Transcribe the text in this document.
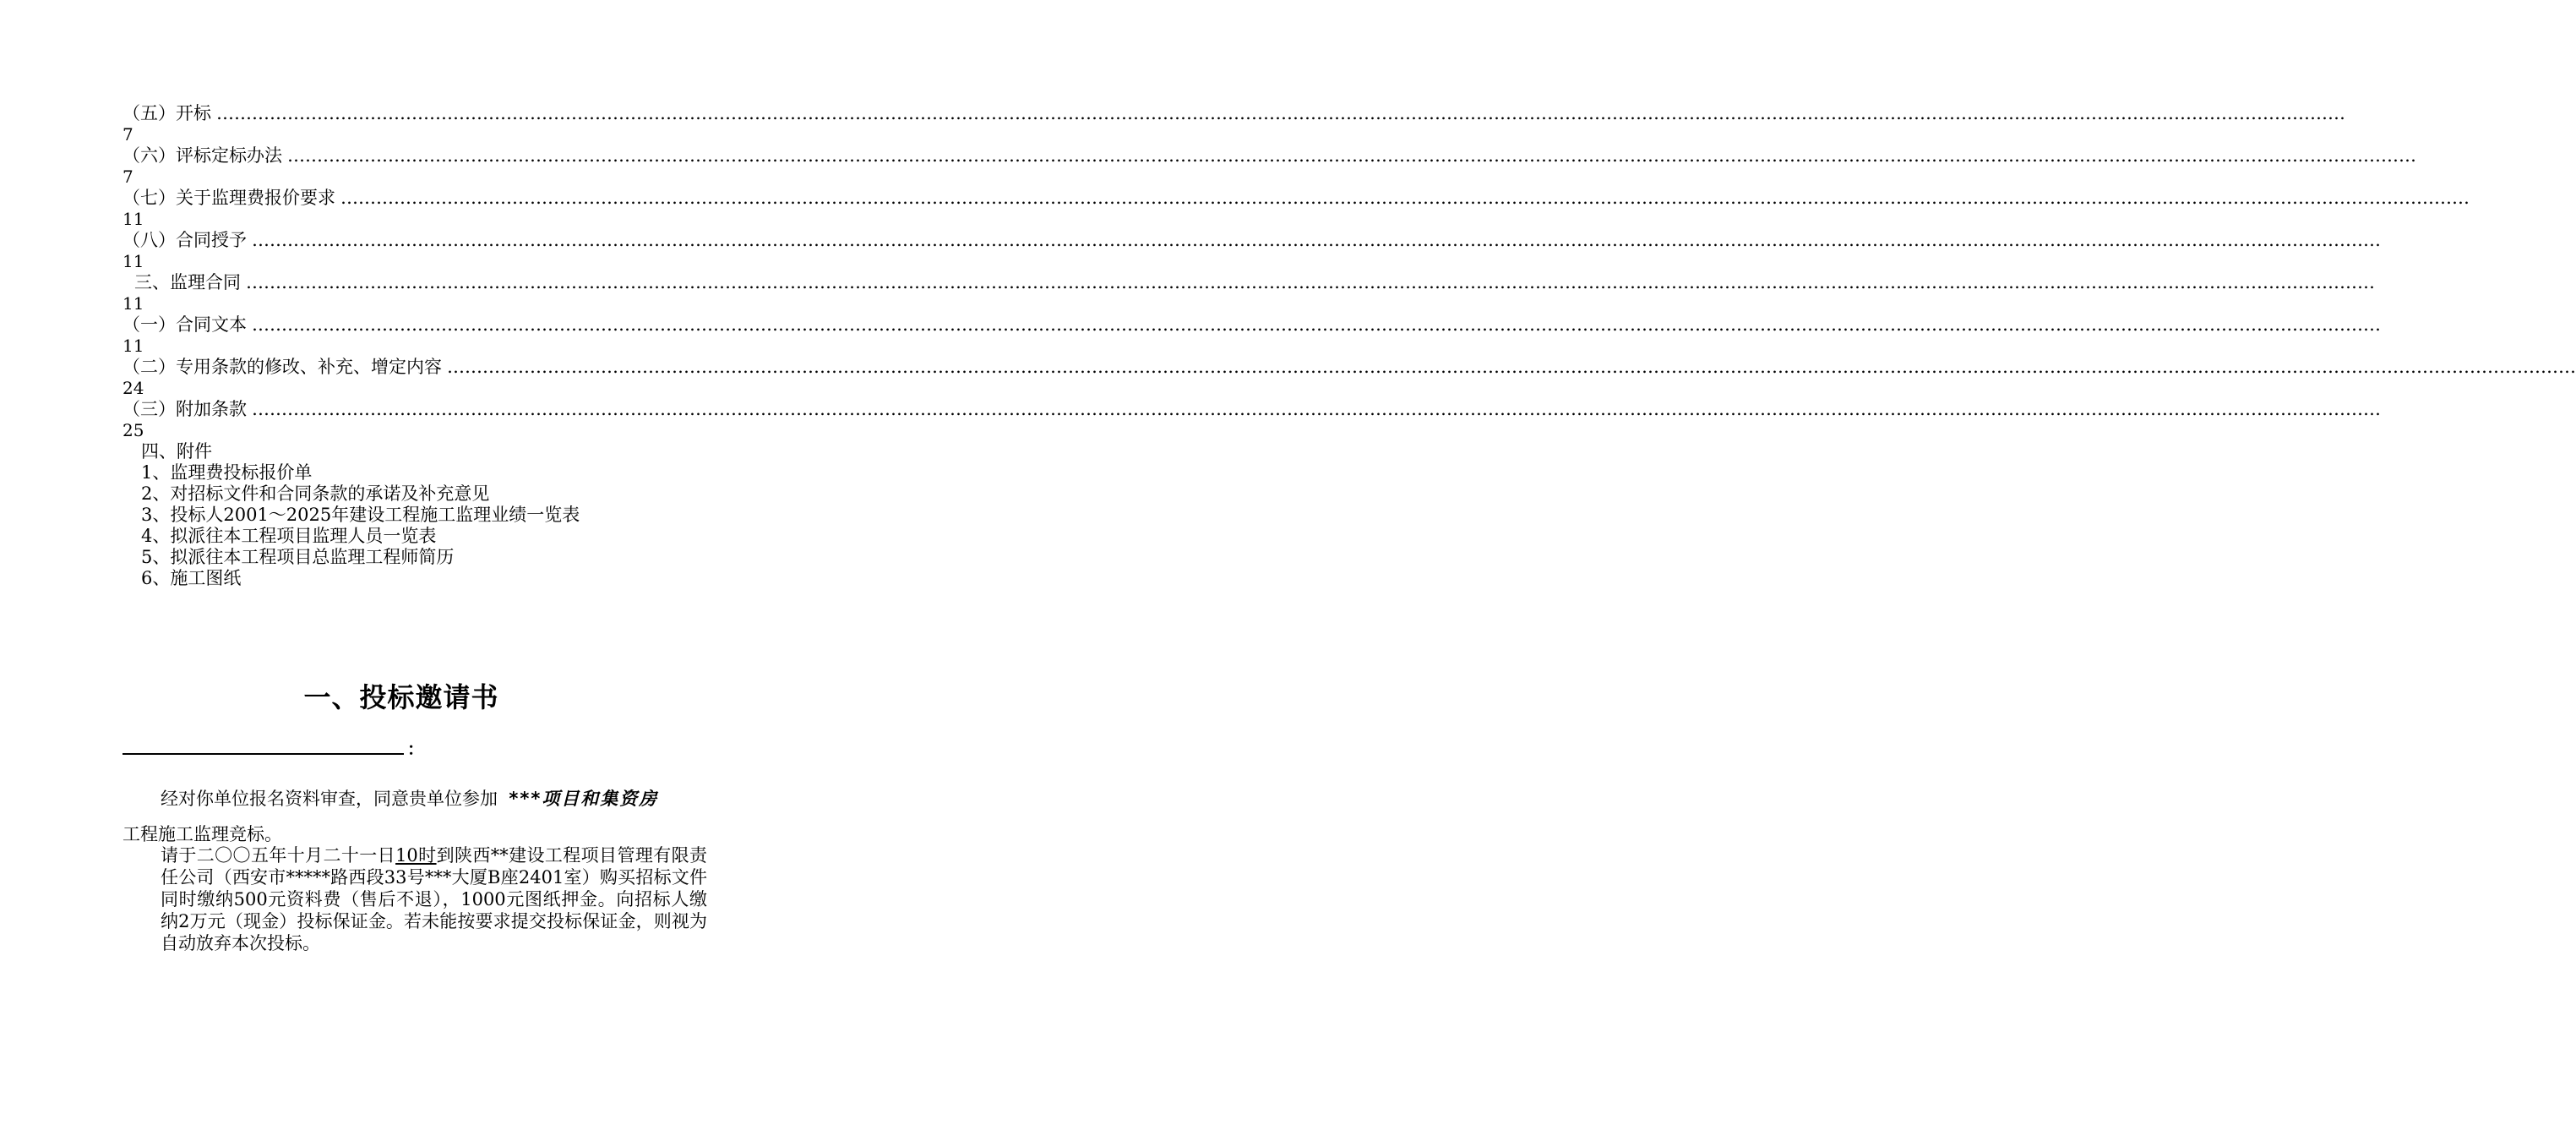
（五）开标 ………………………………………………………………………………………………………………………………………………………………………………………………………………………………………………………………………………………………………………………………
7
（六）评标定标办法 ………………………………………………………………………………………………………………………………………………………………………………………………………………………………………………………………………………………………………………………………
7
（七）关于监理费报价要求 ………………………………………………………………………………………………………………………………………………………………………………………………………………………………………………………………………………………………………………………………
11
（八）合同授予 ………………………………………………………………………………………………………………………………………………………………………………………………………………………………………………………………………………………………………………………………
11
三、监理合同 ………………………………………………………………………………………………………………………………………………………………………………………………………………………………………………………………………………………………………………………………
11
（一）合同文本 ………………………………………………………………………………………………………………………………………………………………………………………………………………………………………………………………………………………………………………………………
11
（二）专用条款的修改、补充、增定内容 ………………………………………………………………………………………………………………………………………………………………………………………………………………………………………………………………………………………………………………………………
24
（三）附加条款 ………………………………………………………………………………………………………………………………………………………………………………………………………………………………………………………………………………………………………………………………
25
四、附件
1、监理费投标报价单
2、对招标文件和合同条款的承诺及补充意见
3、投标人2001～2025年建设工程施工监理业绩一览表
4、拟派往本工程项目监理人员一览表
5、拟派往本工程项目总监理工程师简历
6、施工图纸
一、投标邀请书
：
经对你单位报名资料审查，同意贵单位参加 ***项目和集资房
工程施工监理竞标。
请于二〇〇五年十月二十一日10时到陕西**建设工程项目管理有限责任公司（西安市*****路西段33号***大厦B座2401室）购买招标文件同时缴纳500元资料费（售后不退），1000元图纸押金。向招标人缴纳2万元（现金）投标保证金。若未能按要求提交投标保证金，则视为自动放弃本次投标。
